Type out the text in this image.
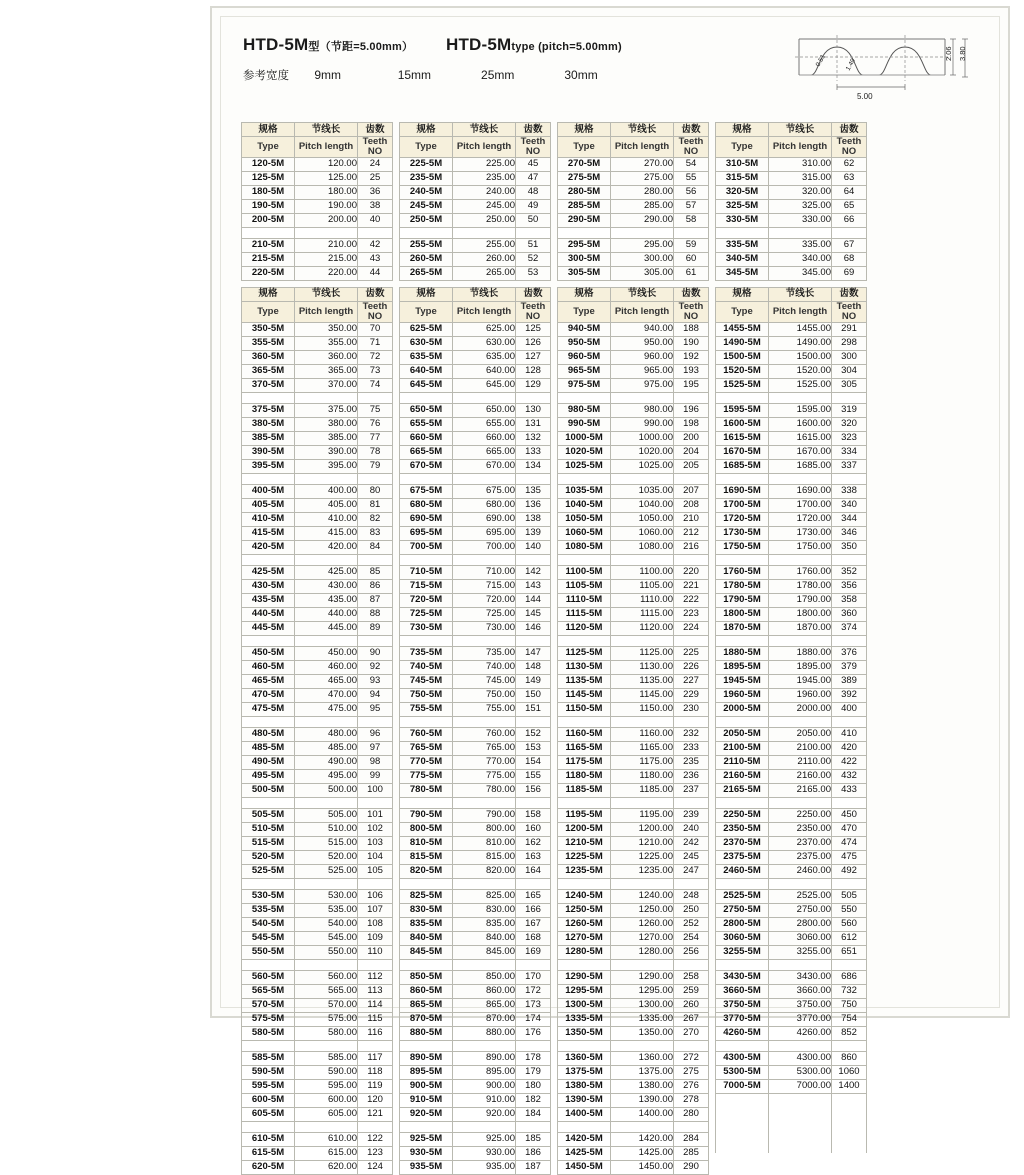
HTD-5M型（节距=5.00mm） HTD-5Mtype (pitch=5.00mm)
参考宽度 9mm	15mm	25mm	30mm
5.00
2.06 3.80
0.51	1.49
规格	节线长	齿数
Type	Pitch length	Teeth NO
120-5M	120.00	24
125-5M	125.00	25
180-5M	180.00	36
190-5M	190.00	38
200-5M	200.00	40

210-5M	210.00	42
215-5M	215.00	43
220-5M	220.00	44
规格	节线长	齿数
Type	Pitch length	Teeth NO
225-5M	225.00	45
235-5M	235.00	47
240-5M	240.00	48
245-5M	245.00	49
250-5M	250.00	50

255-5M	255.00	51
260-5M	260.00	52
265-5M	265.00	53
规格	节线长	齿数
Type	Pitch length	Teeth NO
270-5M	270.00	54
275-5M	275.00	55
280-5M	280.00	56
285-5M	285.00	57
290-5M	290.00	58

295-5M	295.00	59
300-5M	300.00	60
305-5M	305.00	61
规格	节线长	齿数
Type	Pitch length	Teeth NO
310-5M	310.00	62
315-5M	315.00	63
320-5M	320.00	64
325-5M	325.00	65
330-5M	330.00	66

335-5M	335.00	67
340-5M	340.00	68
345-5M	345.00	69
规格	节线长	齿数
Type	Pitch length	Teeth NO
350-5M	350.00	70
355-5M	355.00	71
360-5M	360.00	72
365-5M	365.00	73
370-5M	370.00	74

375-5M	375.00	75
380-5M	380.00	76
385-5M	385.00	77
390-5M	390.00	78
395-5M	395.00	79

400-5M	400.00	80
405-5M	405.00	81
410-5M	410.00	82
415-5M	415.00	83
420-5M	420.00	84

425-5M	425.00	85
430-5M	430.00	86
435-5M	435.00	87
440-5M	440.00	88
445-5M	445.00	89

450-5M	450.00	90
460-5M	460.00	92
465-5M	465.00	93
470-5M	470.00	94
475-5M	475.00	95

480-5M	480.00	96
485-5M	485.00	97
490-5M	490.00	98
495-5M	495.00	99
500-5M	500.00	100

505-5M	505.00	101
510-5M	510.00	102
515-5M	515.00	103
520-5M	520.00	104
525-5M	525.00	105

530-5M	530.00	106
535-5M	535.00	107
540-5M	540.00	108
545-5M	545.00	109
550-5M	550.00	110

560-5M	560.00	112
565-5M	565.00	113
570-5M	570.00	114
575-5M	575.00	115
580-5M	580.00	116

585-5M	585.00	117
590-5M	590.00	118
595-5M	595.00	119
600-5M	600.00	120
605-5M	605.00	121

610-5M	610.00	122
615-5M	615.00	123
620-5M	620.00	124
规格	节线长	齿数
Type	Pitch length	Teeth NO
625-5M	625.00	125
630-5M	630.00	126
635-5M	635.00	127
640-5M	640.00	128
645-5M	645.00	129

650-5M	650.00	130
655-5M	655.00	131
660-5M	660.00	132
665-5M	665.00	133
670-5M	670.00	134

675-5M	675.00	135
680-5M	680.00	136
690-5M	690.00	138
695-5M	695.00	139
700-5M	700.00	140

710-5M	710.00	142
715-5M	715.00	143
720-5M	720.00	144
725-5M	725.00	145
730-5M	730.00	146

735-5M	735.00	147
740-5M	740.00	148
745-5M	745.00	149
750-5M	750.00	150
755-5M	755.00	151

760-5M	760.00	152
765-5M	765.00	153
770-5M	770.00	154
775-5M	775.00	155
780-5M	780.00	156

790-5M	790.00	158
800-5M	800.00	160
810-5M	810.00	162
815-5M	815.00	163
820-5M	820.00	164

825-5M	825.00	165
830-5M	830.00	166
835-5M	835.00	167
840-5M	840.00	168
845-5M	845.00	169

850-5M	850.00	170
860-5M	860.00	172
865-5M	865.00	173
870-5M	870.00	174
880-5M	880.00	176

890-5M	890.00	178
895-5M	895.00	179
900-5M	900.00	180
910-5M	910.00	182
920-5M	920.00	184

925-5M	925.00	185
930-5M	930.00	186
935-5M	935.00	187
规格	节线长	齿数
Type	Pitch length	Teeth NO
940-5M	940.00	188
950-5M	950.00	190
960-5M	960.00	192
965-5M	965.00	193
975-5M	975.00	195

980-5M	980.00	196
990-5M	990.00	198
1000-5M	1000.00	200
1020-5M	1020.00	204
1025-5M	1025.00	205

1035-5M	1035.00	207
1040-5M	1040.00	208
1050-5M	1050.00	210
1060-5M	1060.00	212
1080-5M	1080.00	216

1100-5M	1100.00	220
1105-5M	1105.00	221
1110-5M	1110.00	222
1115-5M	1115.00	223
1120-5M	1120.00	224

1125-5M	1125.00	225
1130-5M	1130.00	226
1135-5M	1135.00	227
1145-5M	1145.00	229
1150-5M	1150.00	230

1160-5M	1160.00	232
1165-5M	1165.00	233
1175-5M	1175.00	235
1180-5M	1180.00	236
1185-5M	1185.00	237

1195-5M	1195.00	239
1200-5M	1200.00	240
1210-5M	1210.00	242
1225-5M	1225.00	245
1235-5M	1235.00	247

1240-5M	1240.00	248
1250-5M	1250.00	250
1260-5M	1260.00	252
1270-5M	1270.00	254
1280-5M	1280.00	256

1290-5M	1290.00	258
1295-5M	1295.00	259
1300-5M	1300.00	260
1335-5M	1335.00	267
1350-5M	1350.00	270

1360-5M	1360.00	272
1375-5M	1375.00	275
1380-5M	1380.00	276
1390-5M	1390.00	278
1400-5M	1400.00	280

1420-5M	1420.00	284
1425-5M	1425.00	285
1450-5M	1450.00	290
规格	节线长	齿数
Type	Pitch length	Teeth NO
1455-5M	1455.00	291
1490-5M	1490.00	298
1500-5M	1500.00	300
1520-5M	1520.00	304
1525-5M	1525.00	305

1595-5M	1595.00	319
1600-5M	1600.00	320
1615-5M	1615.00	323
1670-5M	1670.00	334
1685-5M	1685.00	337

1690-5M	1690.00	338
1700-5M	1700.00	340
1720-5M	1720.00	344
1730-5M	1730.00	346
1750-5M	1750.00	350

1760-5M	1760.00	352
1780-5M	1780.00	356
1790-5M	1790.00	358
1800-5M	1800.00	360
1870-5M	1870.00	374

1880-5M	1880.00	376
1895-5M	1895.00	379
1945-5M	1945.00	389
1960-5M	1960.00	392
2000-5M	2000.00	400

2050-5M	2050.00	410
2100-5M	2100.00	420
2110-5M	2110.00	422
2160-5M	2160.00	432
2165-5M	2165.00	433

2250-5M	2250.00	450
2350-5M	2350.00	470
2370-5M	2370.00	474
2375-5M	2375.00	475
2460-5M	2460.00	492

2525-5M	2525.00	505
2750-5M	2750.00	550
2800-5M	2800.00	560
3060-5M	3060.00	612
3255-5M	3255.00	651

3430-5M	3430.00	686
3660-5M	3660.00	732
3750-5M	3750.00	750
3770-5M	3770.00	754
4260-5M	4260.00	852

4300-5M	4300.00	860
5300-5M	5300.00	1060
7000-5M	7000.00	1400
